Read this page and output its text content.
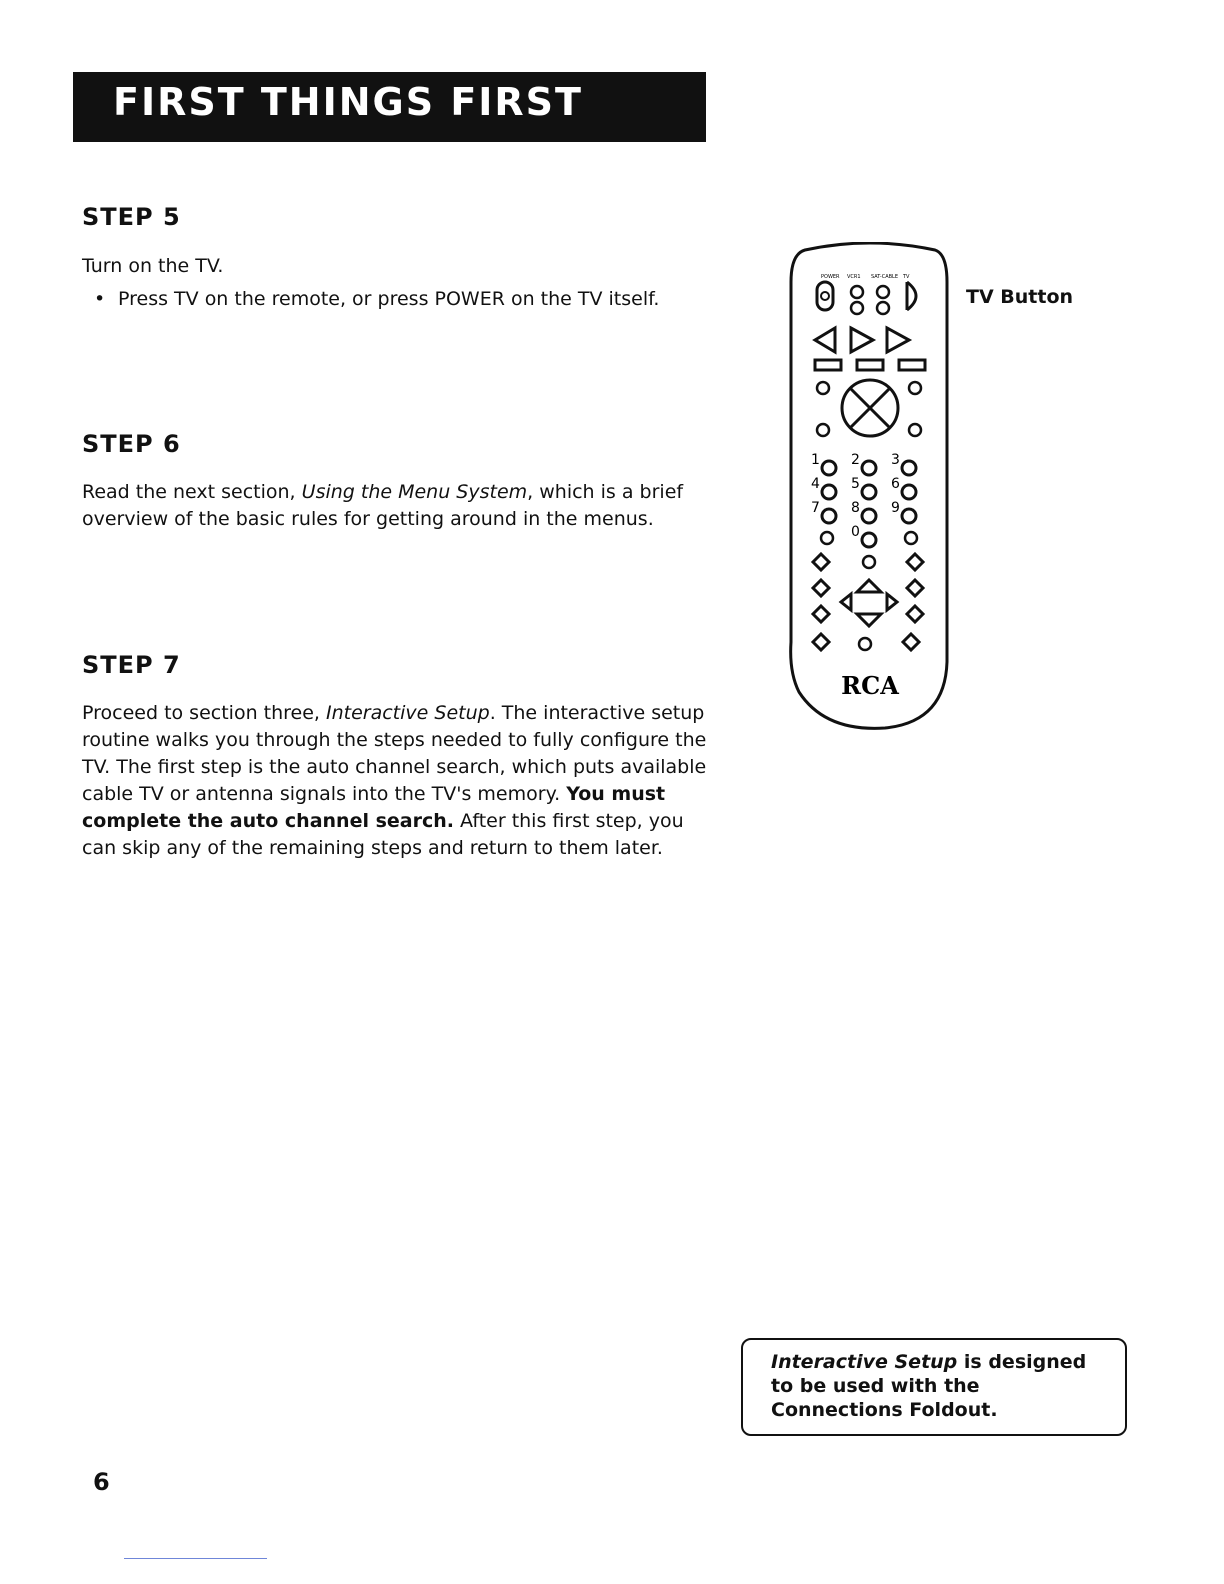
FIRST THINGS FIRST
STEP 5
Turn on the TV.
• Press TV on the remote, or press POWER on the TV itself.
STEP 6

Read the next section, Using the Menu System, which is a brief overview of the basic rules for getting around in the menus.

STEP 7

Proceed to section three, Interactive Setup. The interactive setup routine walks you through the steps needed to fully configure the TV. The first step is the auto channel search, which puts available cable TV or antenna signals into the TV's memory. You must complete the auto channel search. After this first step, you can skip any of the remaining steps and return to them later.

POWER VCR1 SAT-CABLE TV
1 2 3
4 5 6
7 8 9
0
RCA
TV Button
Interactive Setup is designed to be used with the Connections Foldout.
6
